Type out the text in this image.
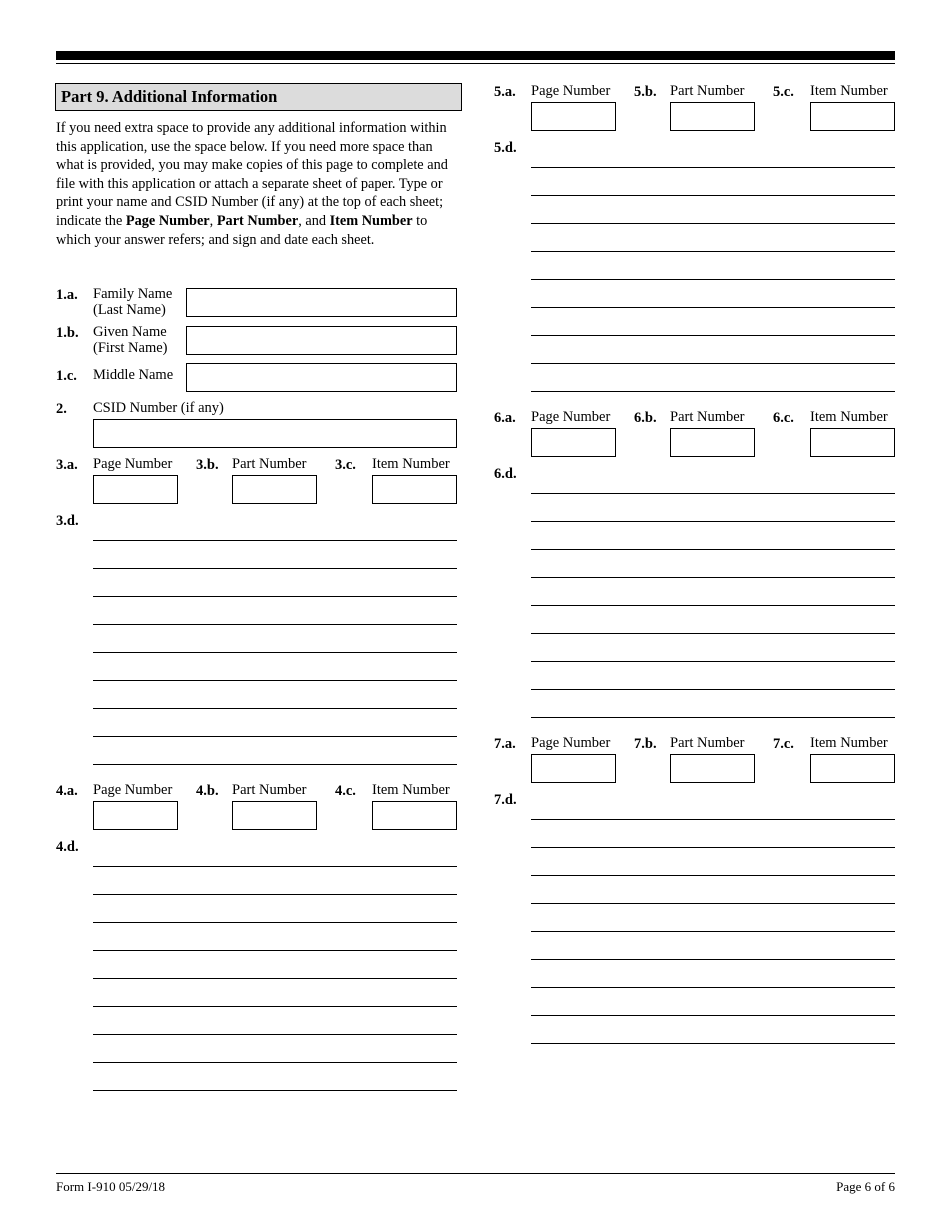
Part 9. Additional Information
If you need extra space to provide any additional information within this application, use the space below. If you need more space than what is provided, you may make copies of this page to complete and file with this application or attach a separate sheet of paper. Type or print your name and CSID Number (if any) at the top of each sheet; indicate the Page Number, Part Number, and Item Number to which your answer refers; and sign and date each sheet.
1.a. Family Name
(Last Name)
1.b. Given Name
(First Name)
1.c. Middle Name
2. CSID Number (if any)
3.a. Page Number 3.b. Part Number 3.c. Item Number
3.d.
4.a. Page Number 4.b. Part Number 4.c. Item Number
4.d.
5.a. Page Number 5.b. Part Number 5.c. Item Number
5.d.
6.a. Page Number 6.b. Part Number 6.c. Item Number
6.d.
7.a. Page Number 7.b. Part Number 7.c. Item Number
7.d.
Form I-910 05/29/18	Page 6 of 6
